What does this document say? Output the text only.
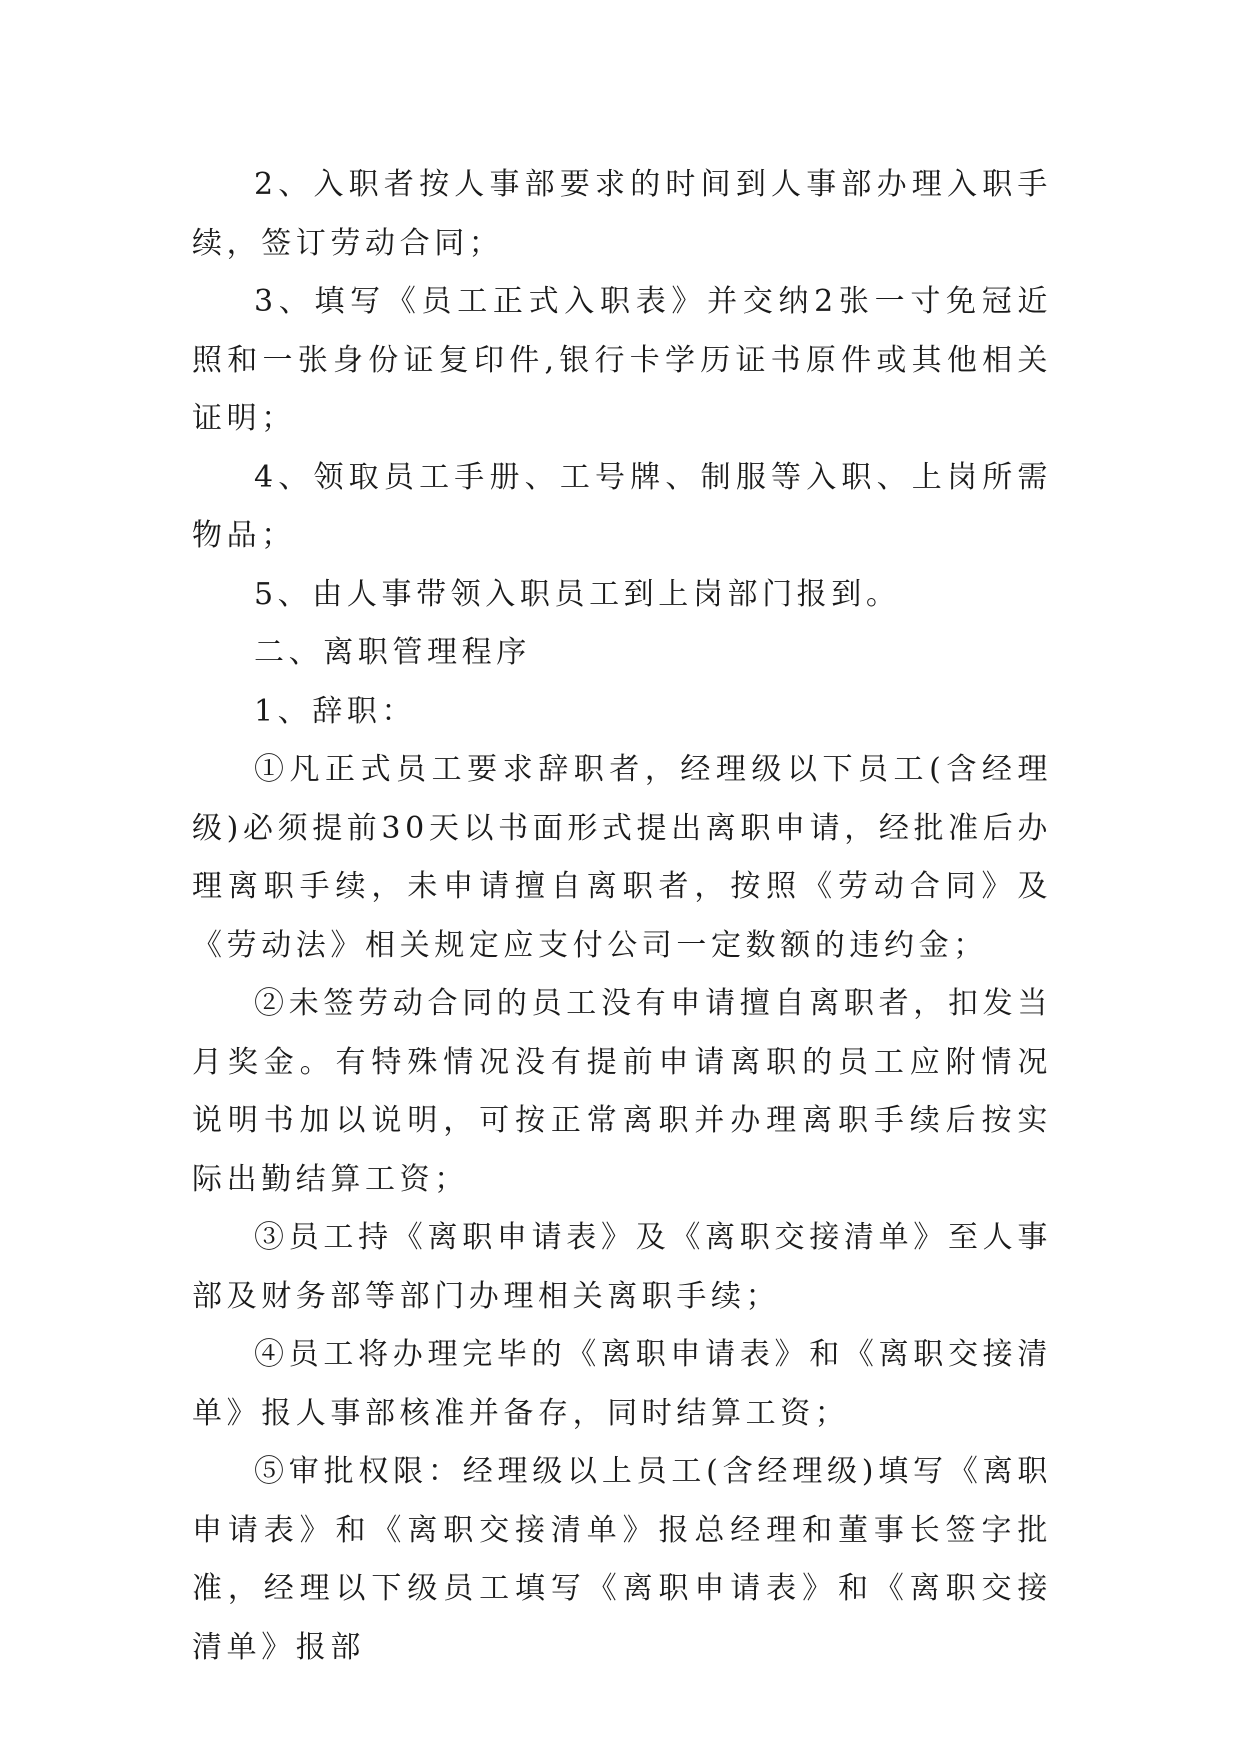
2、入职者按人事部要求的时间到人事部办理入职手续，签订劳动合同；

3、填写《员工正式入职表》并交纳2张一寸免冠近照和一张身份证复印件,银行卡学历证书原件或其他相关证明；

4、领取员工手册、工号牌、制服等入职、上岗所需物品；

5、由人事带领入职员工到上岗部门报到。

二、离职管理程序

1、辞职：

①凡正式员工要求辞职者，经理级以下员工(含经理级)必须提前30天以书面形式提出离职申请，经批准后办理离职手续，未申请擅自离职者，按照《劳动合同》及《劳动法》相关规定应支付公司一定数额的违约金；

②未签劳动合同的员工没有申请擅自离职者，扣发当月奖金。有特殊情况没有提前申请离职的员工应附情况说明书加以说明，可按正常离职并办理离职手续后按实际出勤结算工资；

③员工持《离职申请表》及《离职交接清单》至人事部及财务部等部门办理相关离职手续；

④员工将办理完毕的《离职申请表》和《离职交接清单》报人事部核准并备存，同时结算工资；

⑤审批权限：经理级以上员工(含经理级)填写《离职申请表》和《离职交接清单》报总经理和董事长签字批准，经理以下级员工填写《离职申请表》和《离职交接清单》报部
